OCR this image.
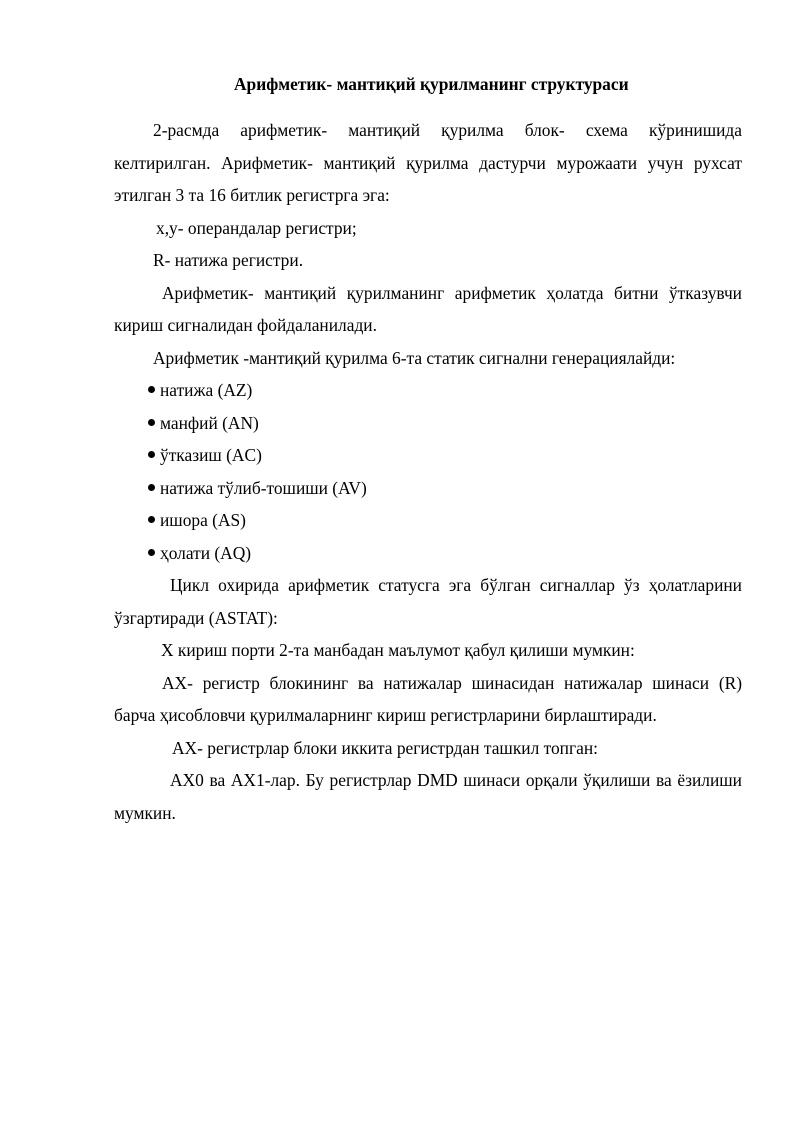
Арифметик- мантиқий қурилманинг структураси

2-расмда арифметик- мантиқий қурилма блок- схема кўринишида келтирилган. Арифметик- мантиқий қурилма дастурчи мурожаати учун рухсат этилган 3 та 16 битлик регистрга эга:

x,y- операндалар регистри;

R- натижа регистри.

Арифметик- мантиқий қурилманинг арифметик ҳолатда битни ўтказувчи кириш сигналидан фойдаланилади.

Арифметик -мантиқий қурилма 6-та статик сигнални генерациялайди:

натижа (AZ)
манфий (AN)
ўтказиш (AC)
натижа тўлиб-тошиши (AV)
ишора (AS)
ҳолати (AQ)

Цикл охирида арифметик статусга эга бўлган сигналлар ўз ҳолатларини ўзгартиради (ASTAT):

Х кириш порти 2-та манбадан маълумот қабул қилиши мумкин:

AX- регистр блокининг ва натижалар шинасидан натижалар шинаси (R) барча ҳисобловчи қурилмаларнинг кириш регистрларини бирлаштиради.

AX- регистрлар блоки иккита регистрдан ташкил топган:

AX0 ва AX1-лар. Бу регистрлар DMD шинаси орқали ўқилиши ва ёзилиши мумкин.
